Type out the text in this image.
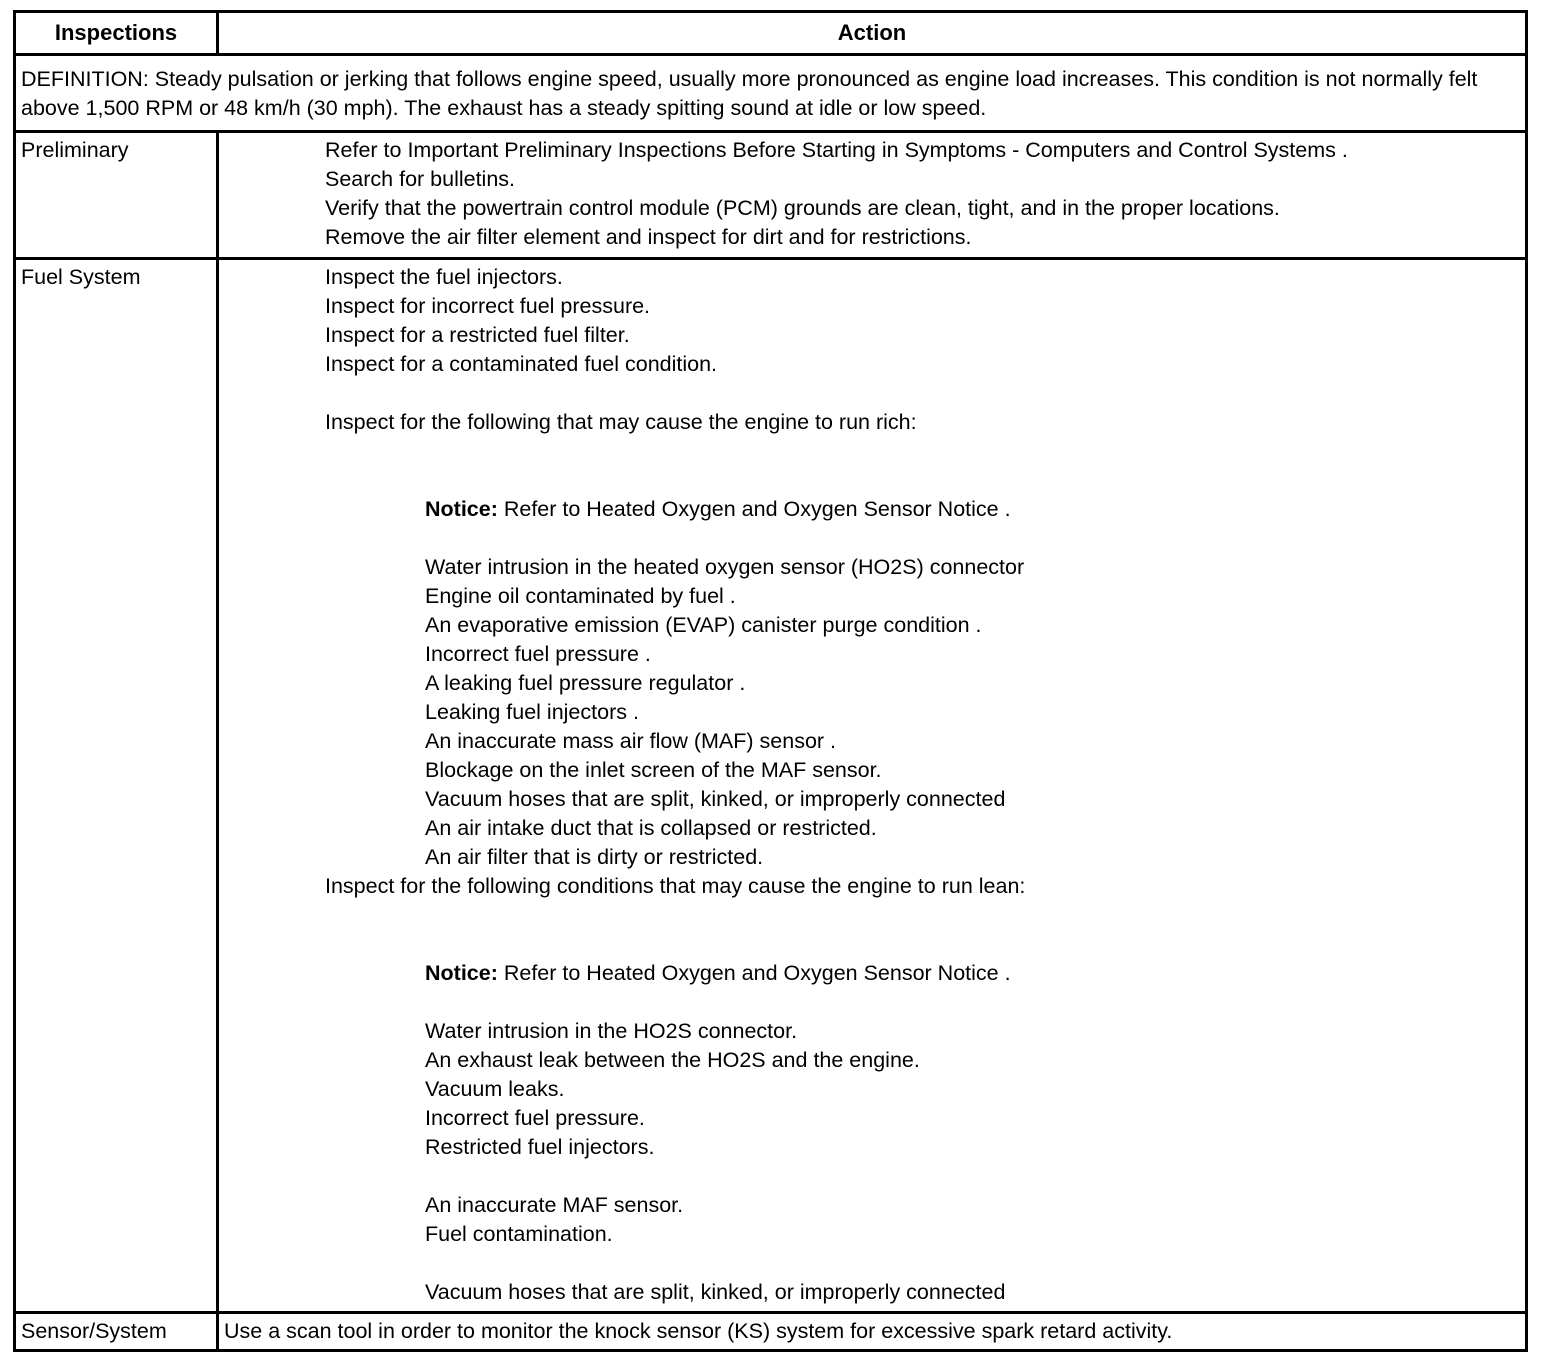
Inspections	Action
DEFINITION: Steady pulsation or jerking that follows engine speed, usually more pronounced as engine load increases. This condition is not normally felt above 1,500 RPM or 48 km/h (30 mph). The exhaust has a steady spitting sound at idle or low speed.
Preliminary	Refer to Important Preliminary Inspections Before Starting in Symptoms - Computers and Control Systems .
Search for bulletins.
Verify that the powertrain control module (PCM) grounds are clean, tight, and in the proper locations.
Remove the air filter element and inspect for dirt and for restrictions.
Fuel System	Inspect the fuel injectors.
Inspect for incorrect fuel pressure.
Inspect for a restricted fuel filter.
Inspect for a contaminated fuel condition.
Inspect for the following that may cause the engine to run rich:
Notice: Refer to Heated Oxygen and Oxygen Sensor Notice .
Water intrusion in the heated oxygen sensor (HO2S) connector
Engine oil contaminated by fuel .
An evaporative emission (EVAP) canister purge condition .
Incorrect fuel pressure .
A leaking fuel pressure regulator .
Leaking fuel injectors .
An inaccurate mass air flow (MAF) sensor .
Blockage on the inlet screen of the MAF sensor.
Vacuum hoses that are split, kinked, or improperly connected
An air intake duct that is collapsed or restricted.
An air filter that is dirty or restricted.
Inspect for the following conditions that may cause the engine to run lean:
Notice: Refer to Heated Oxygen and Oxygen Sensor Notice .
Water intrusion in the HO2S connector.
An exhaust leak between the HO2S and the engine.
Vacuum leaks.
Incorrect fuel pressure.
Restricted fuel injectors.
An inaccurate MAF sensor.
Fuel contamination.
Vacuum hoses that are split, kinked, or improperly connected
Sensor/System	Use a scan tool in order to monitor the knock sensor (KS) system for excessive spark retard activity.
